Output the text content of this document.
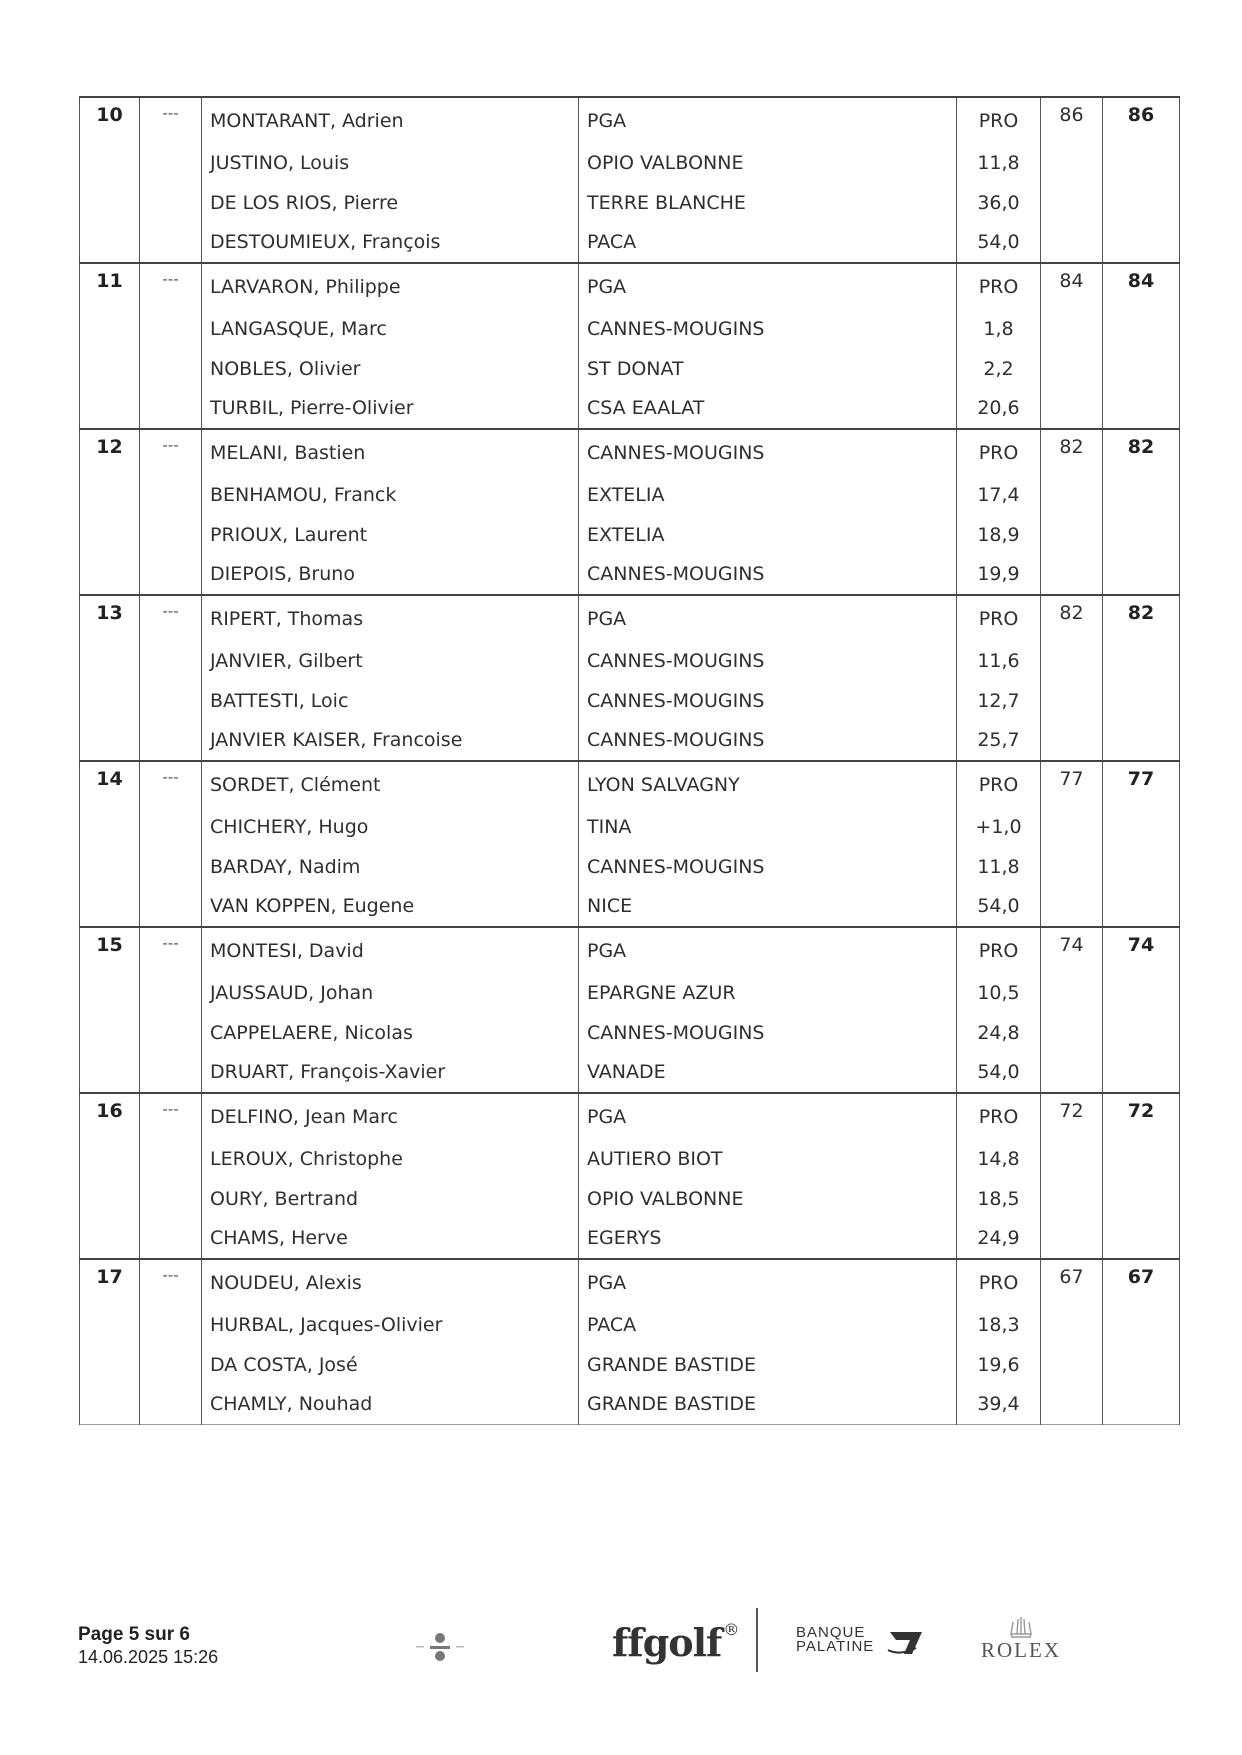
10	---	MONTARANT, Adrien	PGA	PRO	86	86
		JUSTINO, Louis	OPIO VALBONNE	11,8		
		DE LOS RIOS, Pierre	TERRE BLANCHE	36,0		
		DESTOUMIEUX, François	PACA	54,0		
11	---	LARVARON, Philippe	PGA	PRO	84	84
		LANGASQUE, Marc	CANNES-MOUGINS	1,8		
		NOBLES, Olivier	ST DONAT	2,2		
		TURBIL, Pierre-Olivier	CSA EAALAT	20,6		
12	---	MELANI, Bastien	CANNES-MOUGINS	PRO	82	82
		BENHAMOU, Franck	EXTELIA	17,4		
		PRIOUX, Laurent	EXTELIA	18,9		
		DIEPOIS, Bruno	CANNES-MOUGINS	19,9		
13	---	RIPERT, Thomas	PGA	PRO	82	82
		JANVIER, Gilbert	CANNES-MOUGINS	11,6		
		BATTESTI, Loic	CANNES-MOUGINS	12,7		
		JANVIER KAISER, Francoise	CANNES-MOUGINS	25,7		
14	---	SORDET, Clément	LYON SALVAGNY	PRO	77	77
		CHICHERY, Hugo	TINA	+1,0		
		BARDAY, Nadim	CANNES-MOUGINS	11,8		
		VAN KOPPEN, Eugene	NICE	54,0		
15	---	MONTESI, David	PGA	PRO	74	74
		JAUSSAUD, Johan	EPARGNE AZUR	10,5		
		CAPPELAERE, Nicolas	CANNES-MOUGINS	24,8		
		DRUART, François-Xavier	VANADE	54,0		
16	---	DELFINO, Jean Marc	PGA	PRO	72	72
		LEROUX, Christophe	AUTIERO BIOT	14,8		
		OURY, Bertrand	OPIO VALBONNE	18,5		
		CHAMS, Herve	EGERYS	24,9		
17	---	NOUDEU, Alexis	PGA	PRO	67	67
		HURBAL, Jacques-Olivier	PACA	18,3		
		DA COSTA, José	GRANDE BASTIDE	19,6		
		CHAMLY, Nouhad	GRANDE BASTIDE	39,4		
Page 5 sur 6
14.06.2025 15:26	ffgolf ®	BANQUE PALATINE	ROLEX
